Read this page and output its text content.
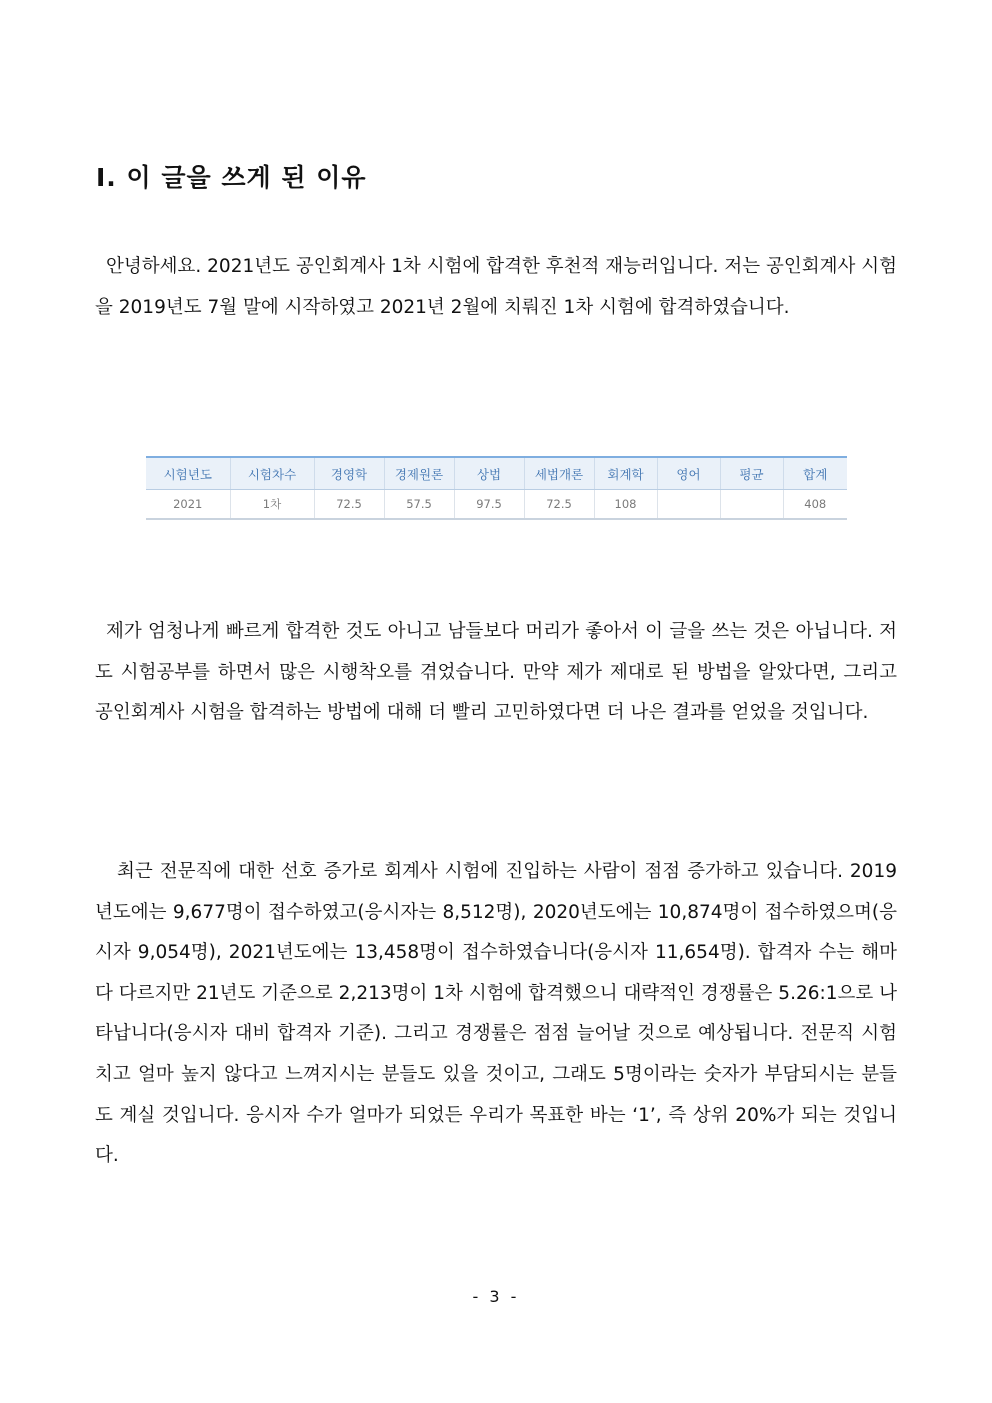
Ⅰ. 이 글을 쓰게 된 이유

안녕하세요. 2021년도 공인회계사 1차 시험에 합격한 후천적 재능러입니다. 저는 공인회계사 시험을 2019년도 7월 말에 시작하였고 2021년 2월에 치뤄진 1차 시험에 합격하였습니다.

시험년도	시험차수	경영학	경제원론	상법	세법개론	회계학	영어	평균	합계
2021	1차	72.5	57.5	97.5	72.5	108			408

제가 엄청나게 빠르게 합격한 것도 아니고 남들보다 머리가 좋아서 이 글을 쓰는 것은 아닙니다. 저도 시험공부를 하면서 많은 시행착오를 겪었습니다. 만약 제가 제대로 된 방법을 알았다면, 그리고 공인회계사 시험을 합격하는 방법에 대해 더 빨리 고민하였다면 더 나은 결과를 얻었을 것입니다.

최근 전문직에 대한 선호 증가로 회계사 시험에 진입하는 사람이 점점 증가하고 있습니다. 2019년도에는 9,677명이 접수하였고(응시자는 8,512명), 2020년도에는 10,874명이 접수하였으며(응시자 9,054명), 2021년도에는 13,458명이 접수하였습니다(응시자 11,654명). 합격자 수는 해마다 다르지만 21년도 기준으로 2,213명이 1차 시험에 합격했으니 대략적인 경쟁률은 5.26:1으로 나타납니다(응시자 대비 합격자 기준). 그리고 경쟁률은 점점 늘어날 것으로 예상됩니다. 전문직 시험 치고 얼마 높지 않다고 느껴지시는 분들도 있을 것이고, 그래도 5명이라는 숫자가 부담되시는 분들도 계실 것입니다. 응시자 수가 얼마가 되었든 우리가 목표한 바는 ‘1’, 즉 상위 20%가 되는 것입니다.

- 3 -
